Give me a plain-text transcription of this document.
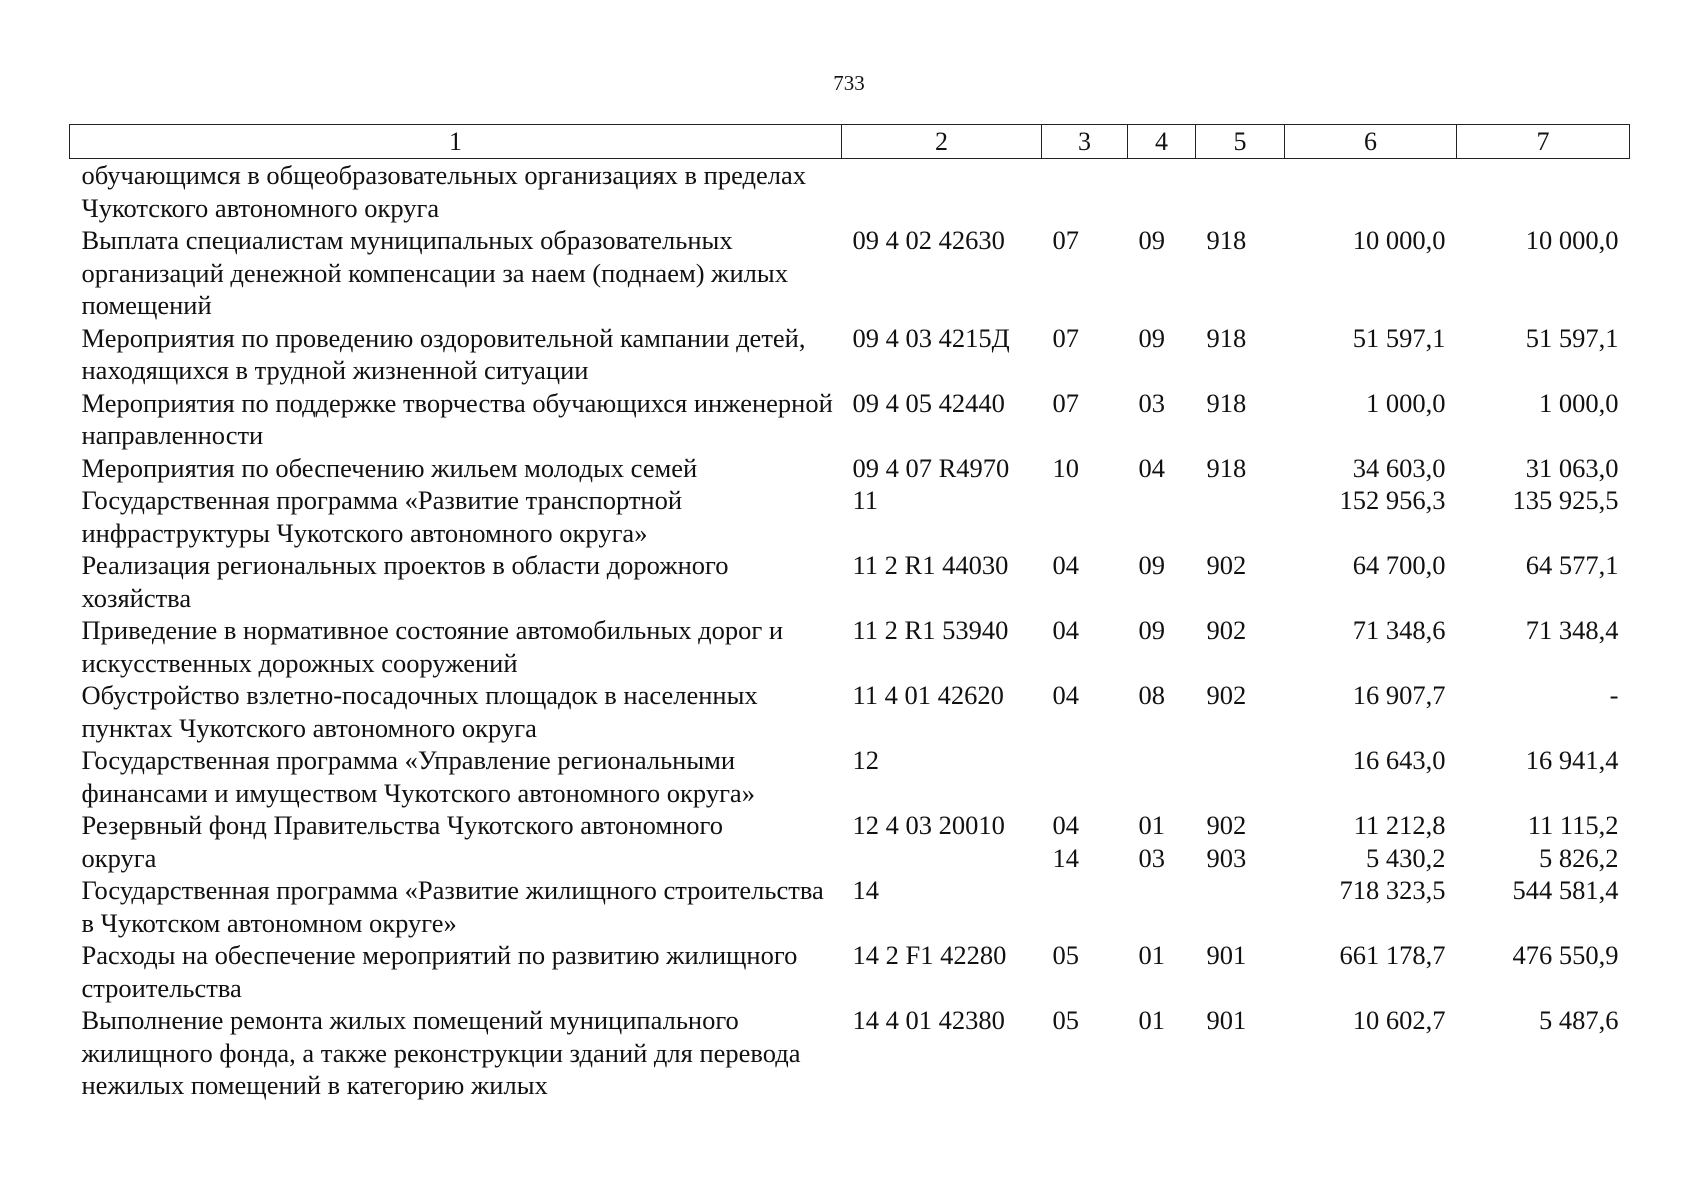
733
1	2	3	4	5	6	7
обучающимся в общеобразовательных организациях в пределах Чукотского автономного округа						
Выплата специалистам муниципальных образовательных организаций денежной компенсации за наем (поднаем) жилых помещений	09 4 02 42630	07	09	918	10 000,0	10 000,0
Мероприятия по проведению оздоровительной кампании детей, находящихся в трудной жизненной ситуации	09 4 03 4215Д	07	09	918	51 597,1	51 597,1
Мероприятия по поддержке творчества обучающихся инженерной направленности	09 4 05 42440	07	03	918	1 000,0	1 000,0
Мероприятия по обеспечению жильем молодых семей	09 4 07 R4970	10	04	918	34 603,0	31 063,0
Государственная программа «Развитие транспортной инфраструктуры Чукотского автономного округа»	11				152 956,3	135 925,5
Реализация региональных проектов в области дорожного хозяйства	11 2 R1 44030	04	09	902	64 700,0	64 577,1
Приведение в нормативное состояние автомобильных дорог и искусственных дорожных сооружений	11 2 R1 53940	04	09	902	71 348,6	71 348,4
Обустройство взлетно-посадочных площадок в населенных пунктах Чукотского автономного округа	11 4 01 42620	04	08	902	16 907,7	-
Государственная программа «Управление региональными финансами и имуществом Чукотского автономного округа»	12				16 643,0	16 941,4
Резервный фонд Правительства Чукотского автономного	12 4 03 20010	04	01	902	11 212,8	11 115,2
округа		14	03	903	5 430,2	5 826,2
Государственная программа «Развитие жилищного строительства в Чукотском автономном округе»	14				718 323,5	544 581,4
Расходы на обеспечение мероприятий по развитию жилищного строительства	14 2 F1 42280	05	01	901	661 178,7	476 550,9
Выполнение ремонта жилых помещений муниципального жилищного фонда, а также реконструкции зданий для перевода нежилых помещений в категорию жилых	14 4 01 42380	05	01	901	10 602,7	5 487,6
